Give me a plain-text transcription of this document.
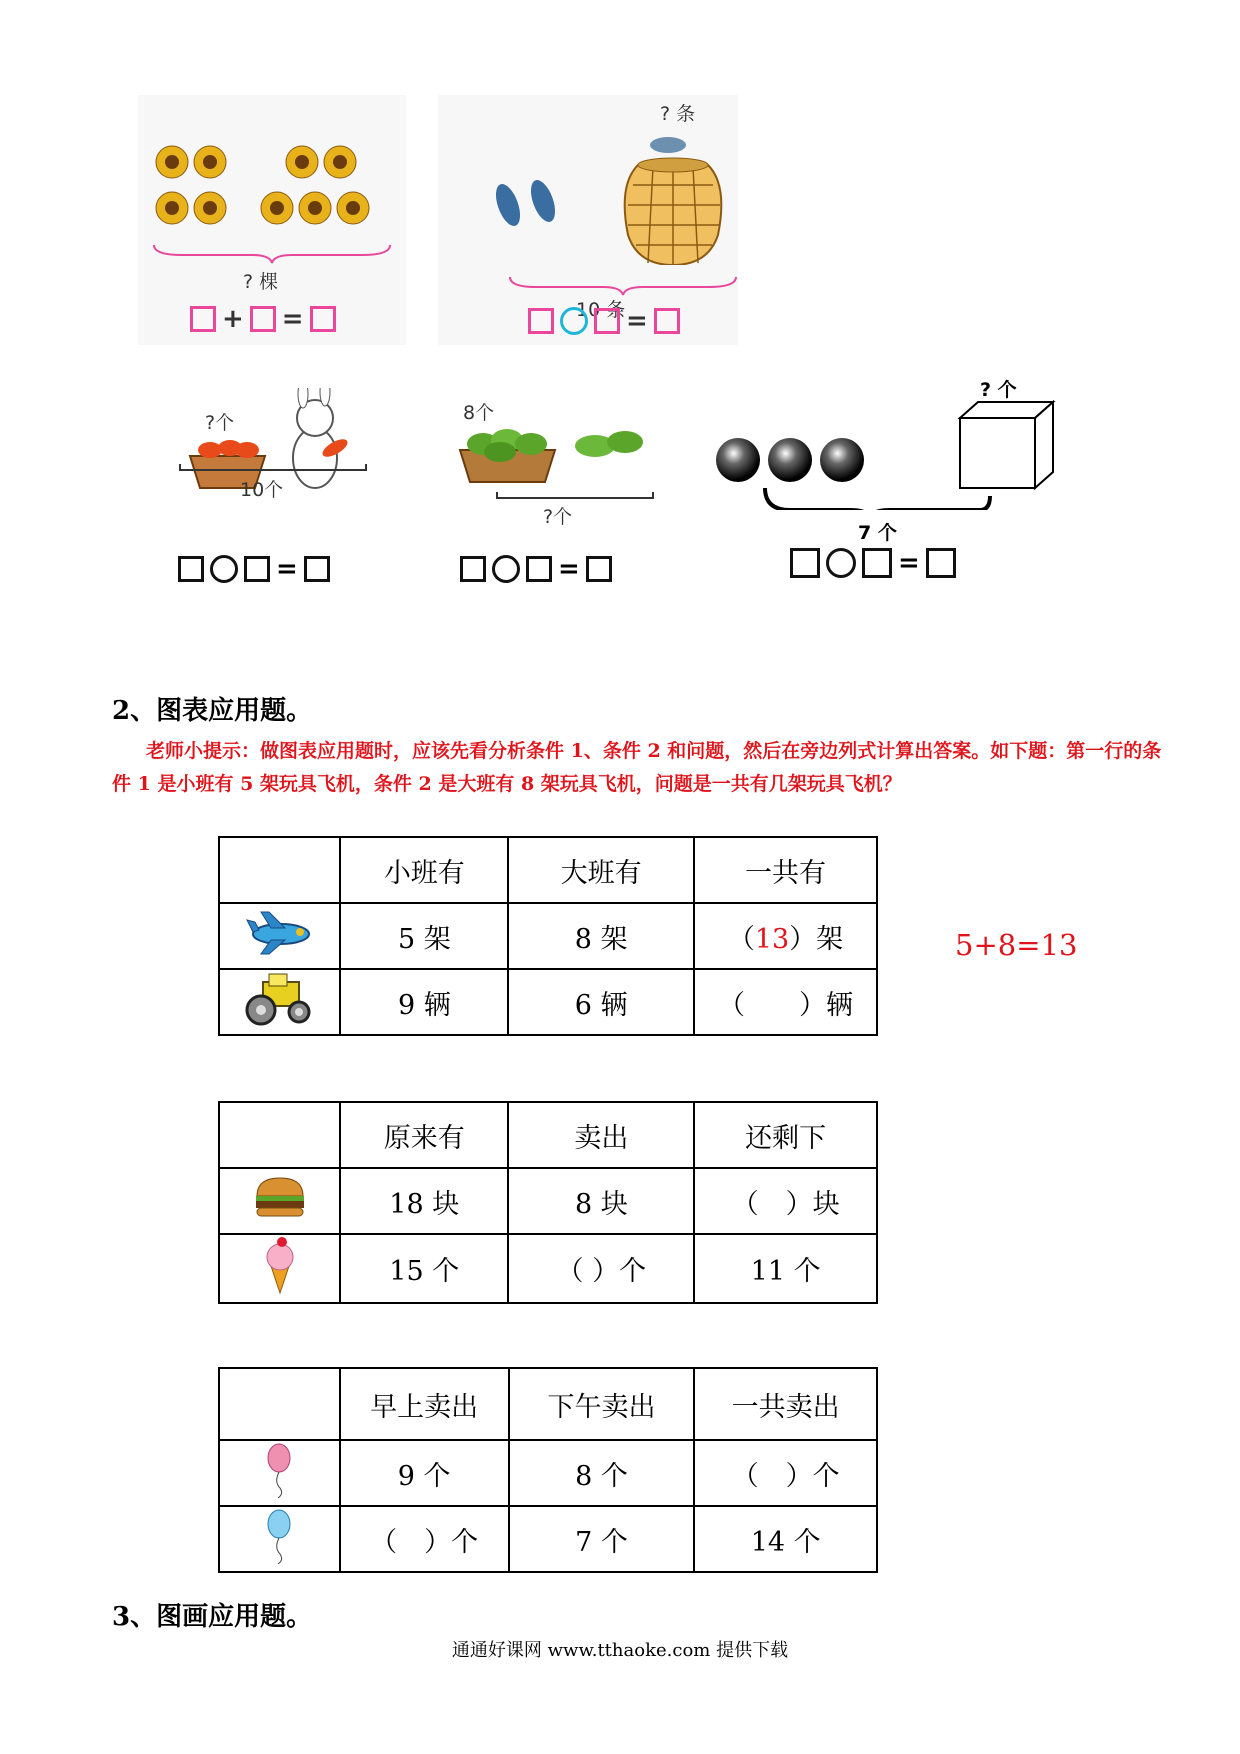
? 棵
+ =
? 条
10 条 =
?个
10个
=
8个
?个
=
? 个
7 个
=
2、图表应用题。
老师小提示：做图表应用题时，应该先看分析条件 1、条件 2 和问题，然后在旁边列式计算出答案。如下题：第一行的条件 1 是小班有 5 架玩具飞机，条件 2 是大班有 8 架玩具飞机，问题是一共有几架玩具飞机？
	小班有	大班有	一共有
	5 架	8 架	（13）架
	9 辆	6 辆	（　　）辆
5+8=13
	原来有	卖出	还剩下
	18 块	8 块	（　）块
	15 个	（ ）个	11 个
	早上卖出	下午卖出	一共卖出
	9 个	8 个	（　）个
	（　）个	7 个	14 个
3、图画应用题。
通通好课网 www.tthaoke.com 提供下载
